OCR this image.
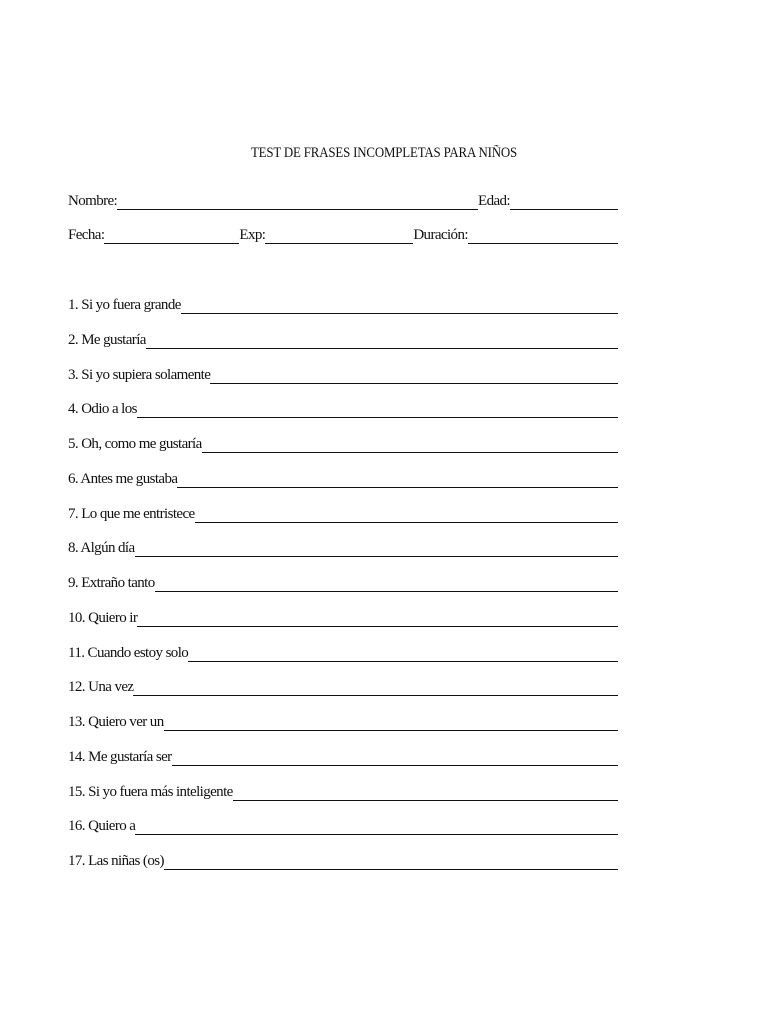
TEST DE FRASES INCOMPLETAS PARA NIÑOS
Nombre:	Edad:
Fecha:	Exp:	Duración:
1. Si yo fuera grande
2. Me gustaría
3. Si yo supiera solamente
4. Odio a los
5. Oh, como me gustaría
6. Antes me gustaba
7. Lo que me entristece
8. Algún día
9. Extraño tanto
10. Quiero ir
11. Cuando estoy solo
12. Una vez
13. Quiero ver un
14. Me gustaría ser
15. Si yo fuera más inteligente
16. Quiero a
17. Las niñas (os)
